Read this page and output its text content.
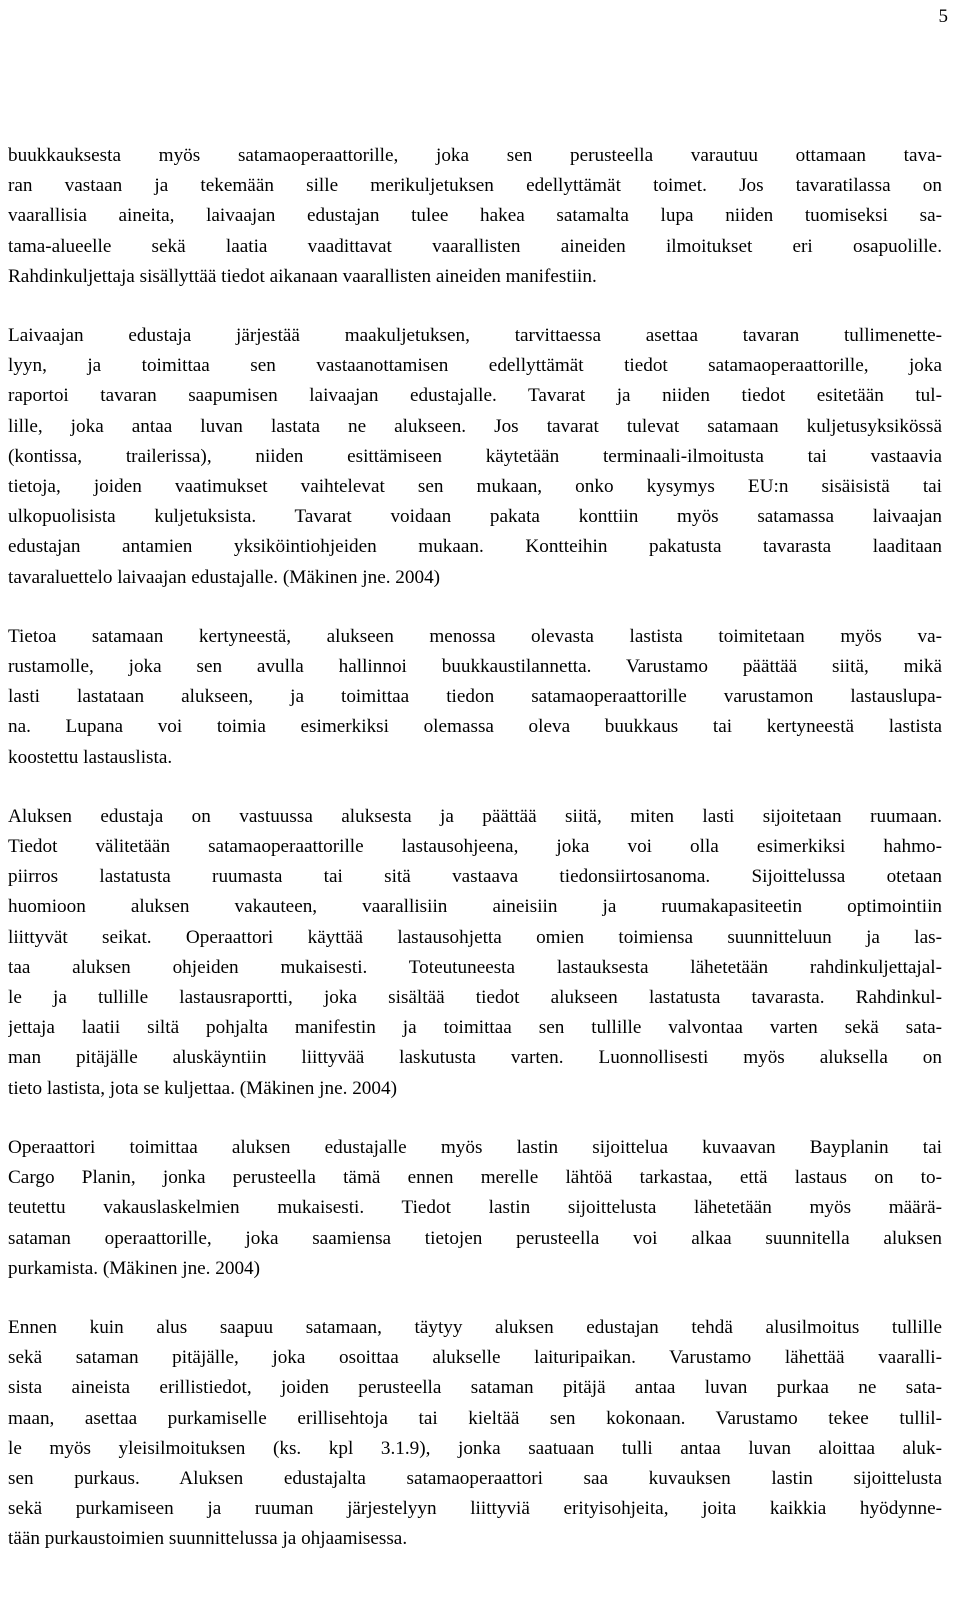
5

buukkauksesta myös satamaoperaattorille, joka sen perusteella varautuu ottamaan tava-
ran vastaan ja tekemään sille merikuljetuksen edellyttämät toimet. Jos tavaratilassa on
vaarallisia aineita, laivaajan edustajan tulee hakea satamalta lupa niiden tuomiseksi sa-
tama-alueelle sekä laatia vaadittavat vaarallisten aineiden ilmoitukset eri osapuolille.
Rahdinkuljettaja sisällyttää tiedot aikanaan vaarallisten aineiden manifestiin.

Laivaajan edustaja järjestää maakuljetuksen, tarvittaessa asettaa tavaran tullimenette-
lyyn, ja toimittaa sen vastaanottamisen edellyttämät tiedot satamaoperaattorille, joka
raportoi tavaran saapumisen laivaajan edustajalle. Tavarat ja niiden tiedot esitetään tul-
lille, joka antaa luvan lastata ne alukseen. Jos tavarat tulevat satamaan kuljetusyksikössä
(kontissa, trailerissa), niiden esittämiseen käytetään terminaali-ilmoitusta tai vastaavia
tietoja, joiden vaatimukset vaihtelevat sen mukaan, onko kysymys EU:n sisäisistä tai
ulkopuolisista kuljetuksista. Tavarat voidaan pakata konttiin myös satamassa laivaajan
edustajan antamien yksiköintiohjeiden mukaan. Kontteihin pakatusta tavarasta laaditaan
tavaraluettelo laivaajan edustajalle. (Mäkinen jne. 2004)

Tietoa satamaan kertyneestä, alukseen menossa olevasta lastista toimitetaan myös va-
rustamolle, joka sen avulla hallinnoi buukkaustilannetta. Varustamo päättää siitä, mikä
lasti lastataan alukseen, ja toimittaa tiedon satamaoperaattorille varustamon lastauslupa-
na. Lupana voi toimia esimerkiksi olemassa oleva buukkaus tai kertyneestä lastista
koostettu lastauslista.

Aluksen edustaja on vastuussa aluksesta ja päättää siitä, miten lasti sijoitetaan ruumaan.
Tiedot välitetään satamaoperaattorille lastausohjeena, joka voi olla esimerkiksi hahmo-
piirros lastatusta ruumasta tai sitä vastaava tiedonsiirtosanoma. Sijoittelussa otetaan
huomioon aluksen vakauteen, vaarallisiin aineisiin ja ruumakapasiteetin optimointiin
liittyvät seikat. Operaattori käyttää lastausohjetta omien toimiensa suunnitteluun ja las-
taa aluksen ohjeiden mukaisesti. Toteutuneesta lastauksesta lähetetään rahdinkuljettajal-
le ja tullille lastausraportti, joka sisältää tiedot alukseen lastatusta tavarasta. Rahdinkul-
jettaja laatii siltä pohjalta manifestin ja toimittaa sen tullille valvontaa varten sekä sata-
man pitäjälle aluskäyntiin liittyvää laskutusta varten. Luonnollisesti myös aluksella on
tieto lastista, jota se kuljettaa. (Mäkinen jne. 2004)

Operaattori toimittaa aluksen edustajalle myös lastin sijoittelua kuvaavan Bayplanin tai
Cargo Planin, jonka perusteella tämä ennen merelle lähtöä tarkastaa, että lastaus on to-
teutettu vakauslaskelmien mukaisesti. Tiedot lastin sijoittelusta lähetetään myös määrä-
sataman operaattorille, joka saamiensa tietojen perusteella voi alkaa suunnitella aluksen
purkamista. (Mäkinen jne. 2004)

Ennen kuin alus saapuu satamaan, täytyy aluksen edustajan tehdä alusilmoitus tullille
sekä sataman pitäjälle, joka osoittaa alukselle laituripaikan. Varustamo lähettää vaaralli-
sista aineista erillistiedot, joiden perusteella sataman pitäjä antaa luvan purkaa ne sata-
maan, asettaa purkamiselle erillisehtoja tai kieltää sen kokonaan. Varustamo tekee tullil-
le myös yleisilmoituksen (ks. kpl 3.1.9), jonka saatuaan tulli antaa luvan aloittaa aluk-
sen purkaus. Aluksen edustajalta satamaoperaattori saa kuvauksen lastin sijoittelusta
sekä purkamiseen ja ruuman järjestelyyn liittyviä erityisohjeita, joita kaikkia hyödynne-
tään purkaustoimien suunnittelussa ja ohjaamisessa.
